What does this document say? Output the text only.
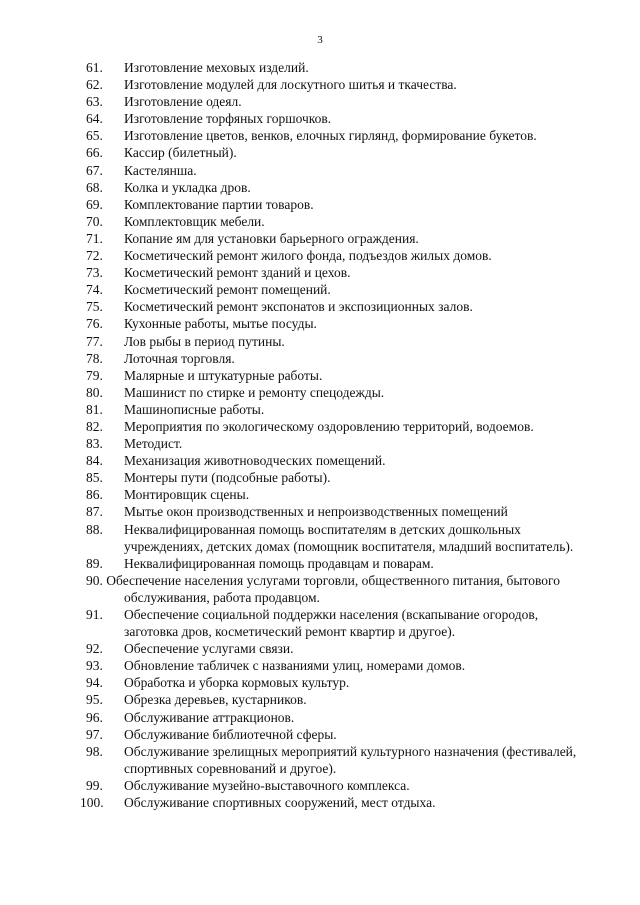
3
61. Изготовление меховых изделий.
62. Изготовление модулей для лоскутного шитья и ткачества.
63. Изготовление одеял.
64. Изготовление торфяных горшочков.
65. Изготовление цветов, венков, елочных гирлянд, формирование букетов.
66. Кассир (билетный).
67. Кастелянша.
68. Колка и укладка дров.
69. Комплектование партии товаров.
70. Комплектовщик мебели.
71. Копание ям для установки барьерного ограждения.
72. Косметический ремонт жилого фонда, подъездов жилых домов.
73. Косметический ремонт зданий и цехов.
74. Косметический ремонт помещений.
75. Косметический ремонт экспонатов и экспозиционных залов.
76. Кухонные работы, мытье посуды.
77. Лов рыбы в период путины.
78. Лоточная торговля.
79. Малярные и штукатурные работы.
80. Машинист по стирке и ремонту спецодежды.
81. Машинописные работы.
82. Мероприятия по экологическому оздоровлению территорий, водоемов.
83. Методист.
84. Механизация животноводческих помещений.
85. Монтеры пути (подсобные работы).
86. Монтировщик сцены.
87. Мытье окон производственных и непроизводственных помещений
88. Неквалифицированная помощь воспитателям в детских дошкольных учреждениях, детских домах (помощник воспитателя, младший воспитатель).
89. Неквалифицированная помощь продавцам и поварам.
90. Обеспечение населения услугами торговли, общественного питания, бытового обслуживания, работа продавцом.
91. Обеспечение социальной поддержки населения (вскапывание огородов, заготовка дров, косметический ремонт квартир и другое).
92. Обеспечение услугами связи.
93. Обновление табличек с названиями улиц, номерами домов.
94. Обработка и уборка кормовых культур.
95. Обрезка деревьев, кустарников.
96. Обслуживание аттракционов.
97. Обслуживание библиотечной сферы.
98. Обслуживание зрелищных мероприятий культурного назначения (фестивалей, спортивных соревнований и другое).
99. Обслуживание музейно-выставочного комплекса.
100. Обслуживание спортивных сооружений, мест отдыха.
